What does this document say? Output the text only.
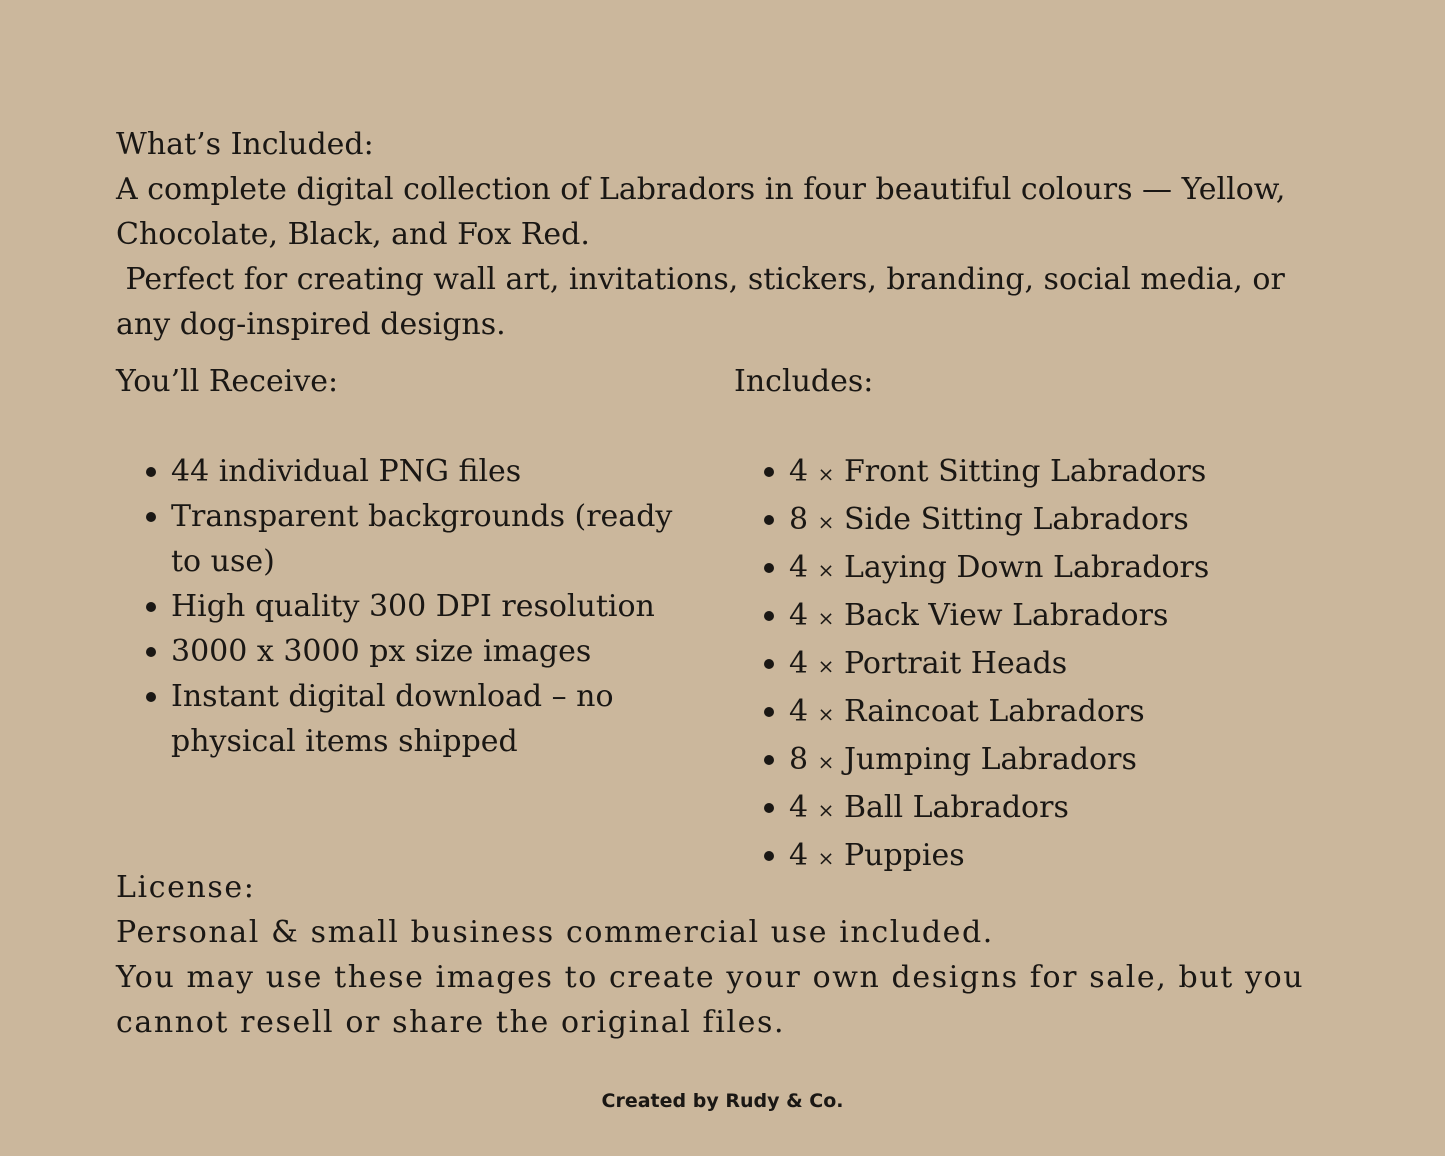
What’s Included:

A complete digital collection of Labradors in four beautiful colours — Yellow, Chocolate, Black, and Fox Red.

Perfect for creating wall art, invitations, stickers, branding, social media, or any dog-inspired designs.

You’ll Receive:
44 individual PNG files
Transparent backgrounds (ready to use)
High quality 300 DPI resolution
3000 x 3000 px size images
Instant digital download – no physical items shipped
Includes:
4 × Front Sitting Labradors
8 × Side Sitting Labradors
4 × Laying Down Labradors
4 × Back View Labradors
4 × Portrait Heads
4 × Raincoat Labradors
8 × Jumping Labradors
4 × Ball Labradors
4 × Puppies

License:

Personal & small business commercial use included.

You may use these images to create your own designs for sale, but you cannot resell or share the original files.

Created by Rudy & Co.
